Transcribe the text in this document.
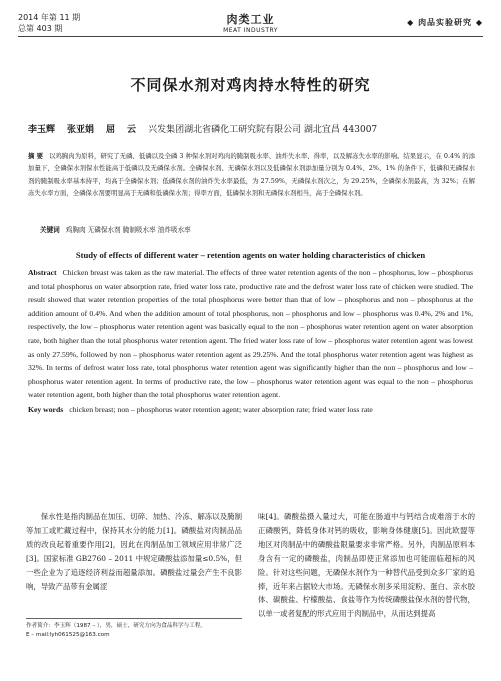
2014 年第 11 期
总第 403 期
肉类工业
MEAT INDUSTRY
◆ 肉品实验研究 ◆
不同保水剂对鸡肉持水特性的研究
李玉辉 张亚娟 屈 云 兴发集团湖北省磷化工研究院有限公司 湖北宜昌 443007
摘 要 以鸡胸肉为原料，研究了无磷、低磷以及全磷 3 种保水剂对鸡肉的腌制吸水率、油炸失水率、得率，以及解冻失水率的影响。结果显示，在 0.4% 的添加量下，全磷保水剂保水性能高于低磷以及无磷保水剂。全磷保水剂、无磷保水剂以及低磷保水剂添加量分别为 0.4%、2%、1% 的条件下，低磷和无磷保水剂的腌制吸水率基本持平，均高于全磷保水剂；低磷保水剂的油炸失水率最低，为 27.59%，无磷保水剂次之，为 29.25%，全磷保水剂最高，为 32%；在解冻失水率方面，全磷保水剂要明显高于无磷和低磷保水剂；得率方面，低磷保水剂和无磷保水剂相当，高于全磷保水剂。
关键词 鸡胸肉 无磷保水剂 腌制吸水率 油炸吸水率
Study of effects of different water – retention agents on water holding characteristics of chicken
Abstract Chicken breast was taken as the raw material. The effects of three water retention agents of the non – phosphorus, low – phosphorus and total phosphorus on water absorption rate, fried water loss rate, productive rate and the defrost water loss rate of chicken were studied. The result showed that water retention properties of the total phosphorus were better than that of low – phosphorus and non – phosphorus at the addition amount of 0.4%. And when the addition amount of total phosphorus, non – phosphorus and low – phosphorus was 0.4%, 2% and 1%, respectively, the low – phosphorus water retention agent was basically equal to the non – phosphorus water retention agent on water absorption rate, both higher than the total phosphorus water retention agent. The fried water loss rate of low – phosphorus water retention agent was lowest as only 27.59%, followed by non – phosphorus water retention agent as 29.25%. And the total phosphorus water retention agent was highest as 32%. In terms of defrost water loss rate, total phosphorus water retention agent was significantly higher than the non – phosphorus and low – phosphorus water retention agent. In terms of productive rate, the low – phosphorus water retention agent was equal to the non – phosphorus water retention agent, both higher than the total phosphorus water retention agent.
Key words chicken breast; non – phosphorus water retention agent; water absorption rate; fried water loss rate

保水性是指肉制品在加压、切碎、加热、冷冻、解冻以及腌制等加工或贮藏过程中，保持其水分的能力[1]。磷酸盐对肉制品品质的改良起着重要作用[2]，因此在肉制品加工领域应用非常广泛[3]。国家标准 GB2760 – 2011 中规定磷酸盐添加量≤0.5%，但一些企业为了追逐经济利益而超量添加。磷酸盐过量会产生不良影响，导致产品带有金属涩

味[4]。磷酸盐摄入量过大，可能在肠道中与钙结合成难溶于水的正磷酸钙，降低身体对钙的吸收，影响身体健康[5]。因此欧盟等地区对肉制品中的磷酸盐限量要求非常严格。另外，肉制品原料本身含有一定的磷酸盐，肉制品即使正常添加也可能面临超标的风险。针对这些问题，无磷保水剂作为一种替代品受到众多厂家的追捧，近年来占据较大市场。无磷保水剂多采用淀粉、蛋白、亲水胶体、碳酸盐、柠檬酸盐、食盐等作为传统磷酸盐保水剂的替代物，以单一或者复配的形式应用于肉制品中，从而达到提高

作者简介：李玉辉（1987 – ），男，硕士，研究方向为食品科学与工程。
E – mail:lyh061525@163.com
